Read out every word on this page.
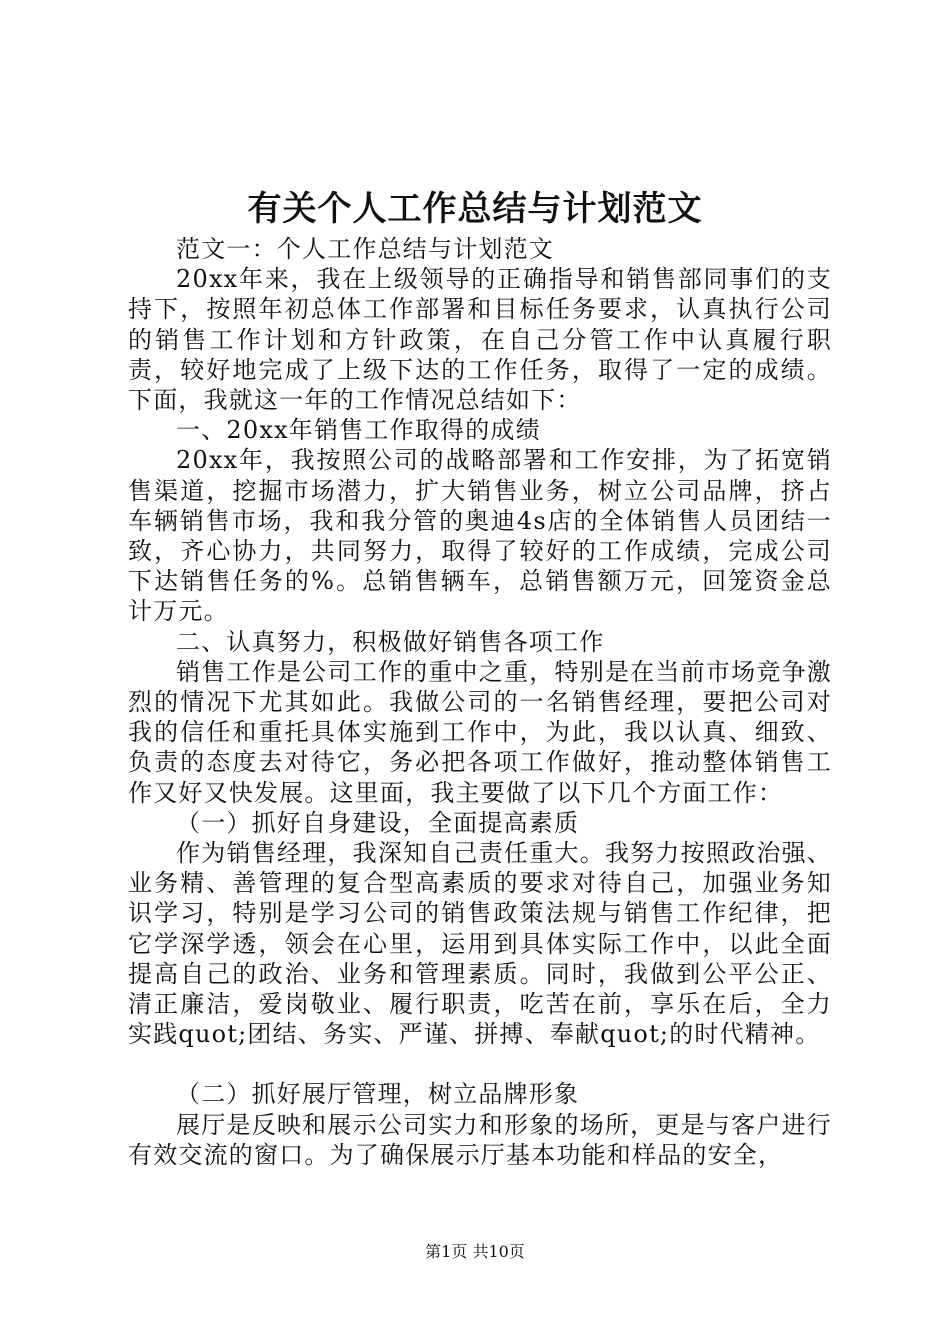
有关个人工作总结与计划范文

范文一：个人工作总结与计划范文

20xx年来，我在上级领导的正确指导和销售部同事们的支持下，按照年初总体工作部署和目标任务要求，认真执行公司的销售工作计划和方针政策，在自己分管工作中认真履行职责，较好地完成了上级下达的工作任务，取得了一定的成绩。下面，我就这一年的工作情况总结如下：

一、20xx年销售工作取得的成绩

20xx年，我按照公司的战略部署和工作安排，为了拓宽销售渠道，挖掘市场潜力，扩大销售业务，树立公司品牌，挤占车辆销售市场，我和我分管的奥迪4s店的全体销售人员团结一致，齐心协力，共同努力，取得了较好的工作成绩，完成公司下达销售任务的%。总销售辆车，总销售额万元，回笼资金总计万元。

二、认真努力，积极做好销售各项工作

销售工作是公司工作的重中之重，特别是在当前市场竞争激烈的情况下尤其如此。我做公司的一名销售经理，要把公司对我的信任和重托具体实施到工作中，为此，我以认真、细致、负责的态度去对待它，务必把各项工作做好，推动整体销售工作又好又快发展。这里面，我主要做了以下几个方面工作：

（一）抓好自身建设，全面提高素质

作为销售经理，我深知自己责任重大。我努力按照政治强、业务精、善管理的复合型高素质的要求对待自己，加强业务知识学习，特别是学习公司的销售政策法规与销售工作纪律，把它学深学透，领会在心里，运用到具体实际工作中，以此全面提高自己的政治、业务和管理素质。同时，我做到公平公正、清正廉洁，爱岗敬业、履行职责，吃苦在前，享乐在后，全力实践quot;团结、务实、严谨、拼搏、奉献quot;的时代精神。

（二）抓好展厅管理，树立品牌形象

展厅是反映和展示公司实力和形象的场所，更是与客户进行有效交流的窗口。为了确保展示厅基本功能和样品的安全，

第1页 共10页
